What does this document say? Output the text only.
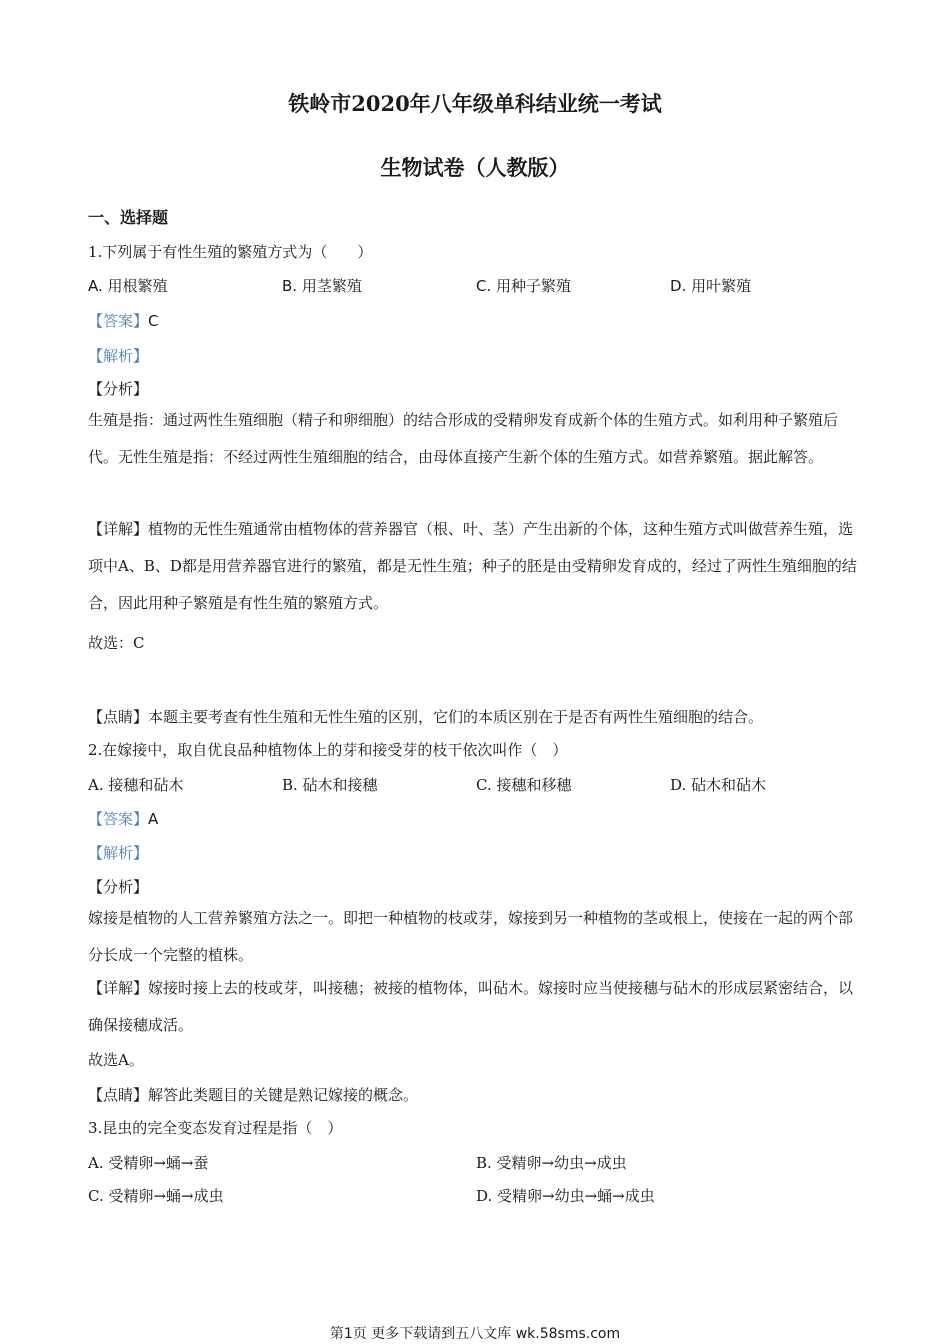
铁岭市2020年八年级单科结业统一考试
生物试卷（人教版）
一、选择题
1.下列属于有性生殖的繁殖方式为（　　）
A. 用根繁殖	B. 用茎繁殖	C. 用种子繁殖	D. 用叶繁殖
【答案】C
【解析】
【分析】
生殖是指：通过两性生殖细胞（精子和卵细胞）的结合形成的受精卵发育成新个体的生殖方式。如利用种子繁殖后代。无性生殖是指：不经过两性生殖细胞的结合，由母体直接产生新个体的生殖方式。如营养繁殖。据此解答。
【详解】植物的无性生殖通常由植物体的营养器官（根、叶、茎）产生出新的个体，这种生殖方式叫做营养生殖，选项中A、B、D都是用营养器官进行的繁殖，都是无性生殖；种子的胚是由受精卵发育成的，经过了两性生殖细胞的结合，因此用种子繁殖是有性生殖的繁殖方式。
故选：C
【点睛】本题主要考查有性生殖和无性生殖的区别，它们的本质区别在于是否有两性生殖细胞的结合。
2.在嫁接中，取自优良品种植物体上的芽和接受芽的枝干依次叫作（　）
A. 接穗和砧木	B. 砧木和接穗	C. 接穗和移穗	D. 砧木和砧木
【答案】A
【解析】
【分析】
嫁接是植物的人工营养繁殖方法之一。即把一种植物的枝或芽，嫁接到另一种植物的茎或根上，使接在一起的两个部分长成一个完整的植株。
【详解】嫁接时接上去的枝或芽，叫接穗；被接的植物体，叫砧木。嫁接时应当使接穗与砧木的形成层紧密结合，以确保接穗成活。
故选A。
【点睛】解答此类题目的关键是熟记嫁接的概念。
3.昆虫的完全变态发育过程是指（　）
A. 受精卵→蛹→蚕	B. 受精卵→幼虫→成虫
C. 受精卵→蛹→成虫	D. 受精卵→幼虫→蛹→成虫
第1页 更多下载请到五八文库 wk.58sms.com
